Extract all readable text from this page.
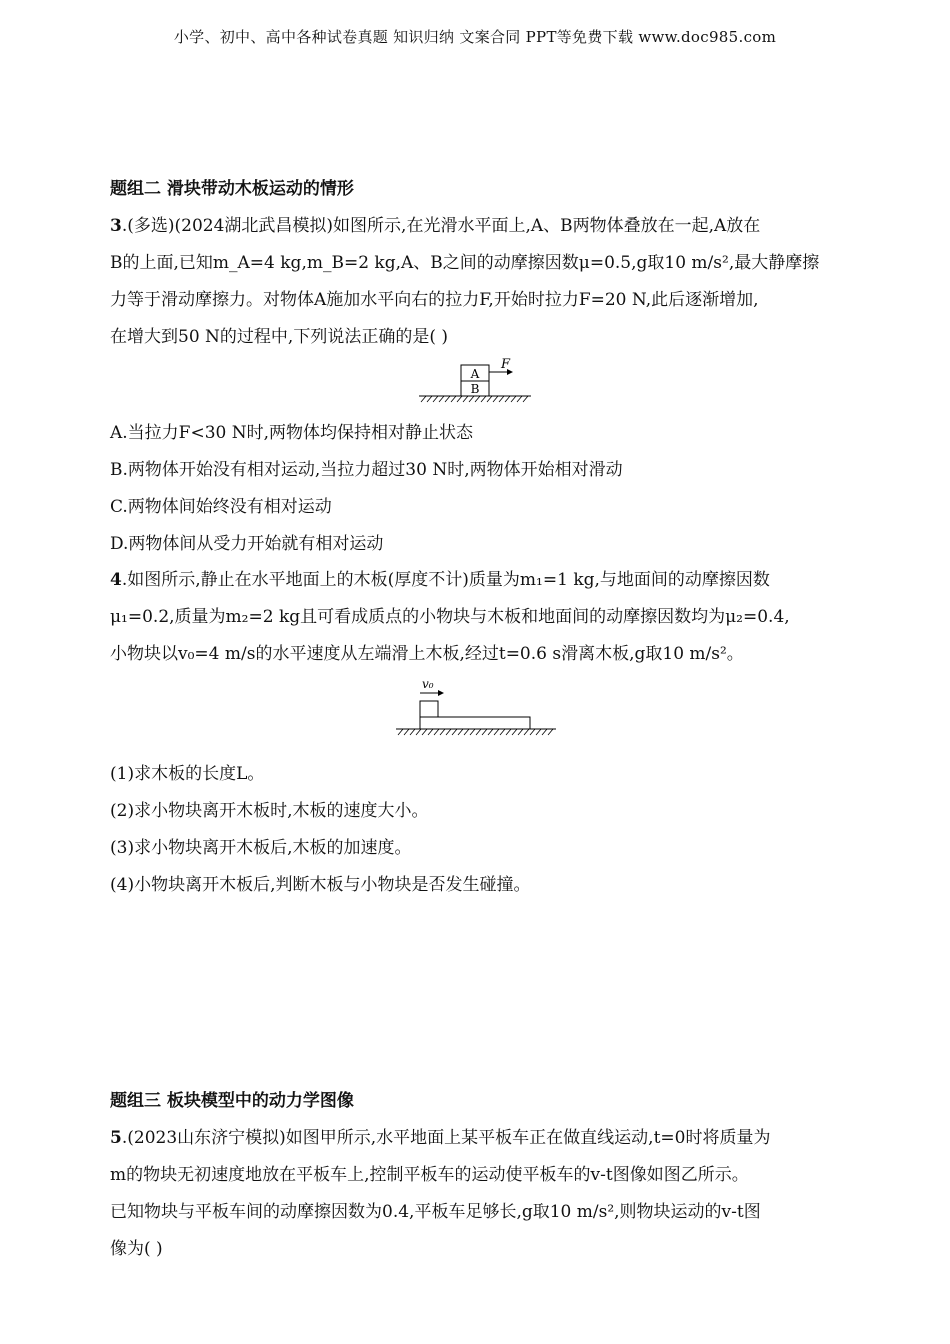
小学、初中、高中各种试卷真题 知识归纳 文案合同 PPT等免费下载 www.doc985.com
题组二 滑块带动木板运动的情形
3.(多选)(2024湖北武昌模拟)如图所示,在光滑水平面上,A、B两物体叠放在一起,A放在
B的上面,已知m_A=4 kg,m_B=2 kg,A、B之间的动摩擦因数μ=0.5,g取10 m/s²,最大静摩擦
力等于滑动摩擦力。对物体A施加水平向右的拉力F,开始时拉力F=20 N,此后逐渐增加,
在增大到50 N的过程中,下列说法正确的是( )
A
B
F
A.当拉力F<30 N时,两物体均保持相对静止状态
B.两物体开始没有相对运动,当拉力超过30 N时,两物体开始相对滑动
C.两物体间始终没有相对运动
D.两物体间从受力开始就有相对运动
4.如图所示,静止在水平地面上的木板(厚度不计)质量为m₁=1 kg,与地面间的动摩擦因数
μ₁=0.2,质量为m₂=2 kg且可看成质点的小物块与木板和地面间的动摩擦因数均为μ₂=0.4,
小物块以v₀=4 m/s的水平速度从左端滑上木板,经过t=0.6 s滑离木板,g取10 m/s²。
v₀
(1)求木板的长度L。
(2)求小物块离开木板时,木板的速度大小。
(3)求小物块离开木板后,木板的加速度。
(4)小物块离开木板后,判断木板与小物块是否发生碰撞。
题组三 板块模型中的动力学图像
5.(2023山东济宁模拟)如图甲所示,水平地面上某平板车正在做直线运动,t=0时将质量为
m的物块无初速度地放在平板车上,控制平板车的运动使平板车的v-t图像如图乙所示。
已知物块与平板车间的动摩擦因数为0.4,平板车足够长,g取10 m/s²,则物块运动的v-t图
像为( )
